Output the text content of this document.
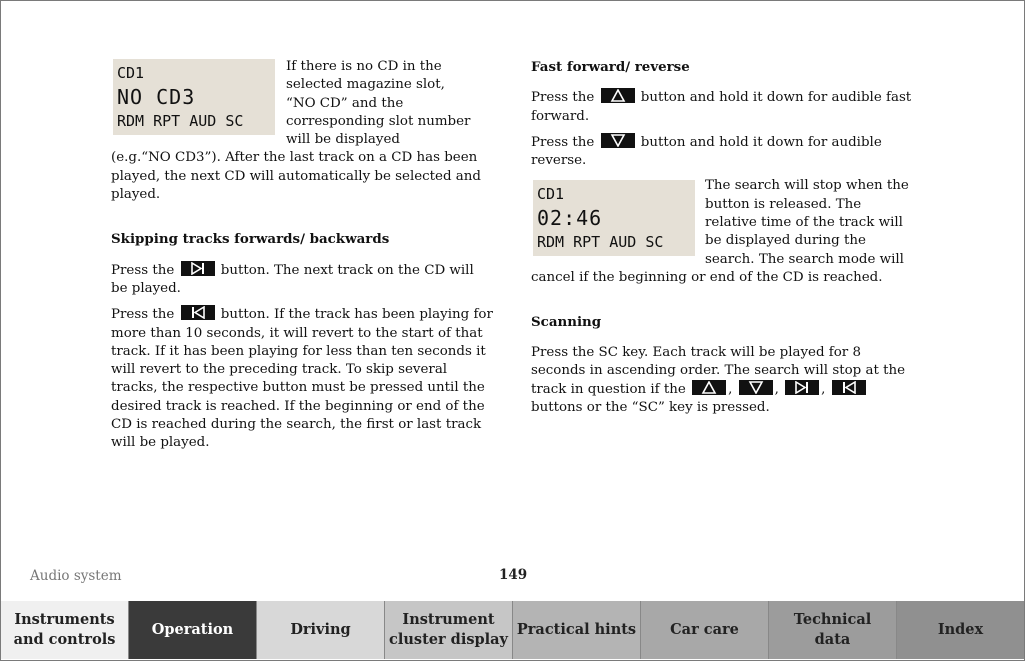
CD1
NO CD3
RDM RPT AUD SC

If there is no CD in the selected magazine slot, “NO CD” and the corresponding slot number will be displayed

(e.g.“NO CD3”). After the last track on a CD has been played, the next CD will automatically be selected and played.

Skipping tracks forwards/ backwards

Press the	button. The next track on the CD will be played.

Press the	button. If the track has been playing for more than 10 seconds, it will revert to the start of that track. If it has been playing for less than ten seconds it will revert to the preceding track. To skip several tracks, the respective button must be pressed until the desired track is reached. If the beginning or end of the CD is reached during the search, the first or last track will be played.

Fast forward/ reverse

Press the	button and hold it down for audible fast forward.

Press the	button and hold it down for audible reverse.

CD1
02:46
RDM RPT AUD SC

The search will stop when the button is released. The relative time of the track will be displayed during the search. The search mode will cancel if the beginning or end of the CD is reached.

Scanning

Press the SC key. Each track will be played for 8 seconds in ascending order. The search will stop at the track in question if the	,	,	,
buttons or the “SC” key is pressed.

Audio system	149
Instruments
and controls
Operation	Driving
Instrument
cluster display
Practical hints Car care
Technical
data
Index
